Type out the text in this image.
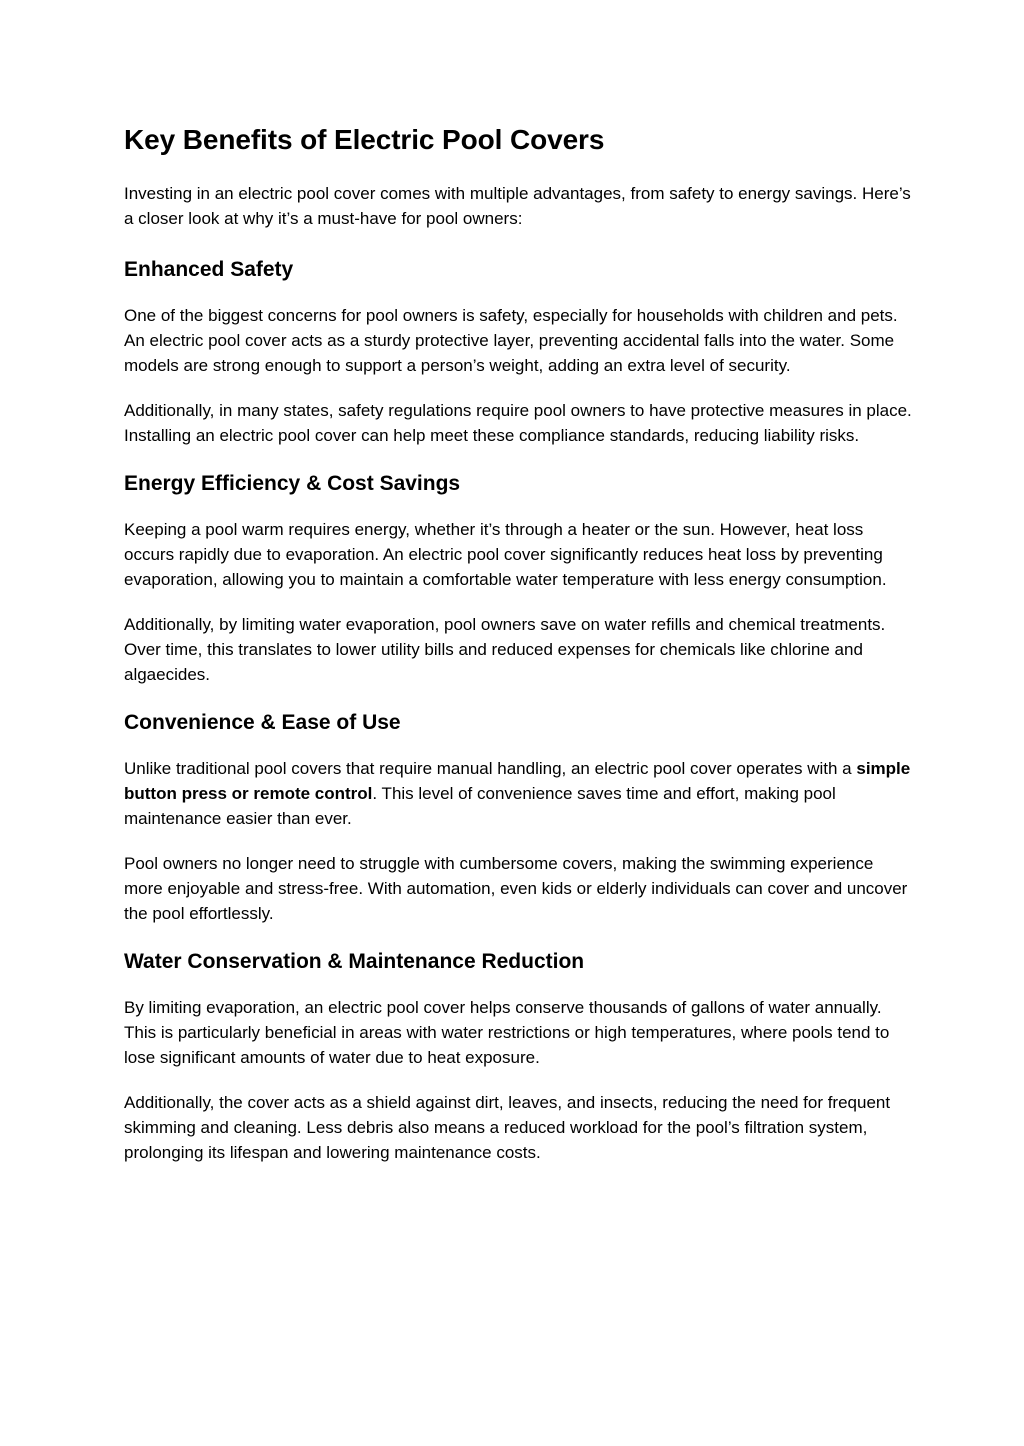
Key Benefits of Electric Pool Covers

Investing in an electric pool cover comes with multiple advantages, from safety to energy savings. Here’s a closer look at why it’s a must-have for pool owners:

Enhanced Safety

One of the biggest concerns for pool owners is safety, especially for households with children and pets. An electric pool cover acts as a sturdy protective layer, preventing accidental falls into the water. Some models are strong enough to support a person’s weight, adding an extra level of security.

Additionally, in many states, safety regulations require pool owners to have protective measures in place. Installing an electric pool cover can help meet these compliance standards, reducing liability risks.

Energy Efficiency & Cost Savings

Keeping a pool warm requires energy, whether it’s through a heater or the sun. However, heat loss occurs rapidly due to evaporation. An electric pool cover significantly reduces heat loss by preventing evaporation, allowing you to maintain a comfortable water temperature with less energy consumption.

Additionally, by limiting water evaporation, pool owners save on water refills and chemical treatments. Over time, this translates to lower utility bills and reduced expenses for chemicals like chlorine and algaecides.

Convenience & Ease of Use

Unlike traditional pool covers that require manual handling, an electric pool cover operates with a simple button press or remote control. This level of convenience saves time and effort, making pool maintenance easier than ever.

Pool owners no longer need to struggle with cumbersome covers, making the swimming experience more enjoyable and stress-free. With automation, even kids or elderly individuals can cover and uncover the pool effortlessly.

Water Conservation & Maintenance Reduction

By limiting evaporation, an electric pool cover helps conserve thousands of gallons of water annually. This is particularly beneficial in areas with water restrictions or high temperatures, where pools tend to lose significant amounts of water due to heat exposure.

Additionally, the cover acts as a shield against dirt, leaves, and insects, reducing the need for frequent skimming and cleaning. Less debris also means a reduced workload for the pool’s filtration system, prolonging its lifespan and lowering maintenance costs.
